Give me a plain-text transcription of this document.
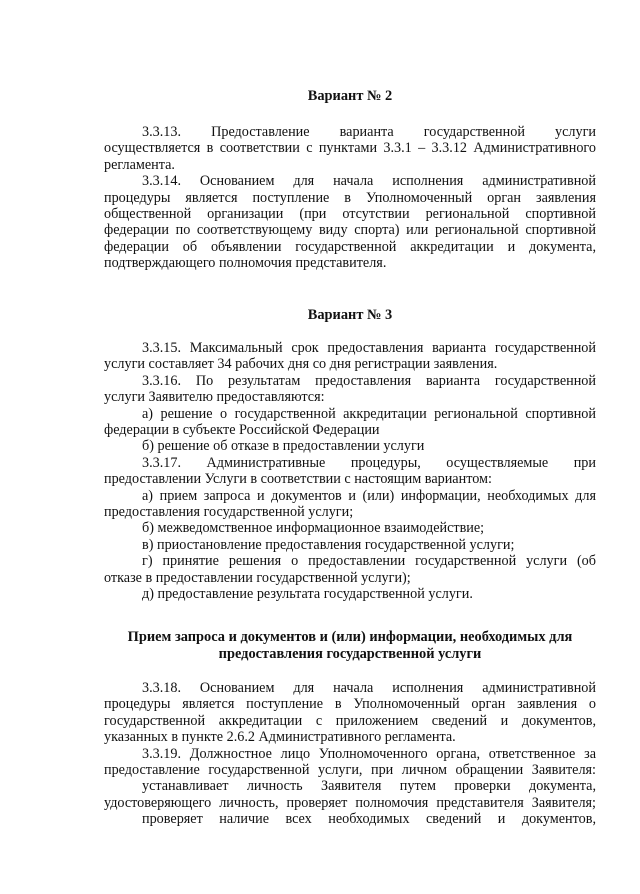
Вариант № 2

3.3.13. Предоставление варианта государственной услуги

осуществляется в соответствии с пунктами 3.3.1 – 3.3.12 Административного

регламента.

3.3.14. Основанием для начала исполнения административной

процедуры является поступление в Уполномоченный орган заявления

общественной организации (при отсутствии региональной спортивной

федерации по соответствующему виду спорта) или региональной спортивной

федерации об объявлении государственной аккредитации и документа,

подтверждающего полномочия представителя.

Вариант № 3

3.3.15. Максимальный срок предоставления варианта государственной

услуги составляет 34 рабочих дня со дня регистрации заявления.

3.3.16. По результатам предоставления варианта государственной

услуги Заявителю предоставляются:

а) решение о государственной аккредитации региональной спортивной

федерации в субъекте Российской Федерации

б) решение об отказе в предоставлении услуги

3.3.17. Административные процедуры, осуществляемые при

предоставлении Услуги в соответствии с настоящим вариантом:

а) прием запроса и документов и (или) информации, необходимых для

предоставления государственной услуги;

б) межведомственное информационное взаимодействие;

в) приостановление предоставления государственной услуги;

г) принятие решения о предоставлении государственной услуги (об

отказе в предоставлении государственной услуги);

д) предоставление результата государственной услуги.

Прием запроса и документов и (или) информации, необходимых для

предоставления государственной услуги

3.3.18. Основанием для начала исполнения административной

процедуры является поступление в Уполномоченный орган заявления о

государственной аккредитации с приложением сведений и документов,

указанных в пункте 2.6.2 Административного регламента.

3.3.19. Должностное лицо Уполномоченного органа, ответственное за

предоставление государственной услуги, при личном обращении Заявителя:

устанавливает личность Заявителя путем проверки документа,

удостоверяющего личность, проверяет полномочия представителя Заявителя;

проверяет наличие всех необходимых сведений и документов,
